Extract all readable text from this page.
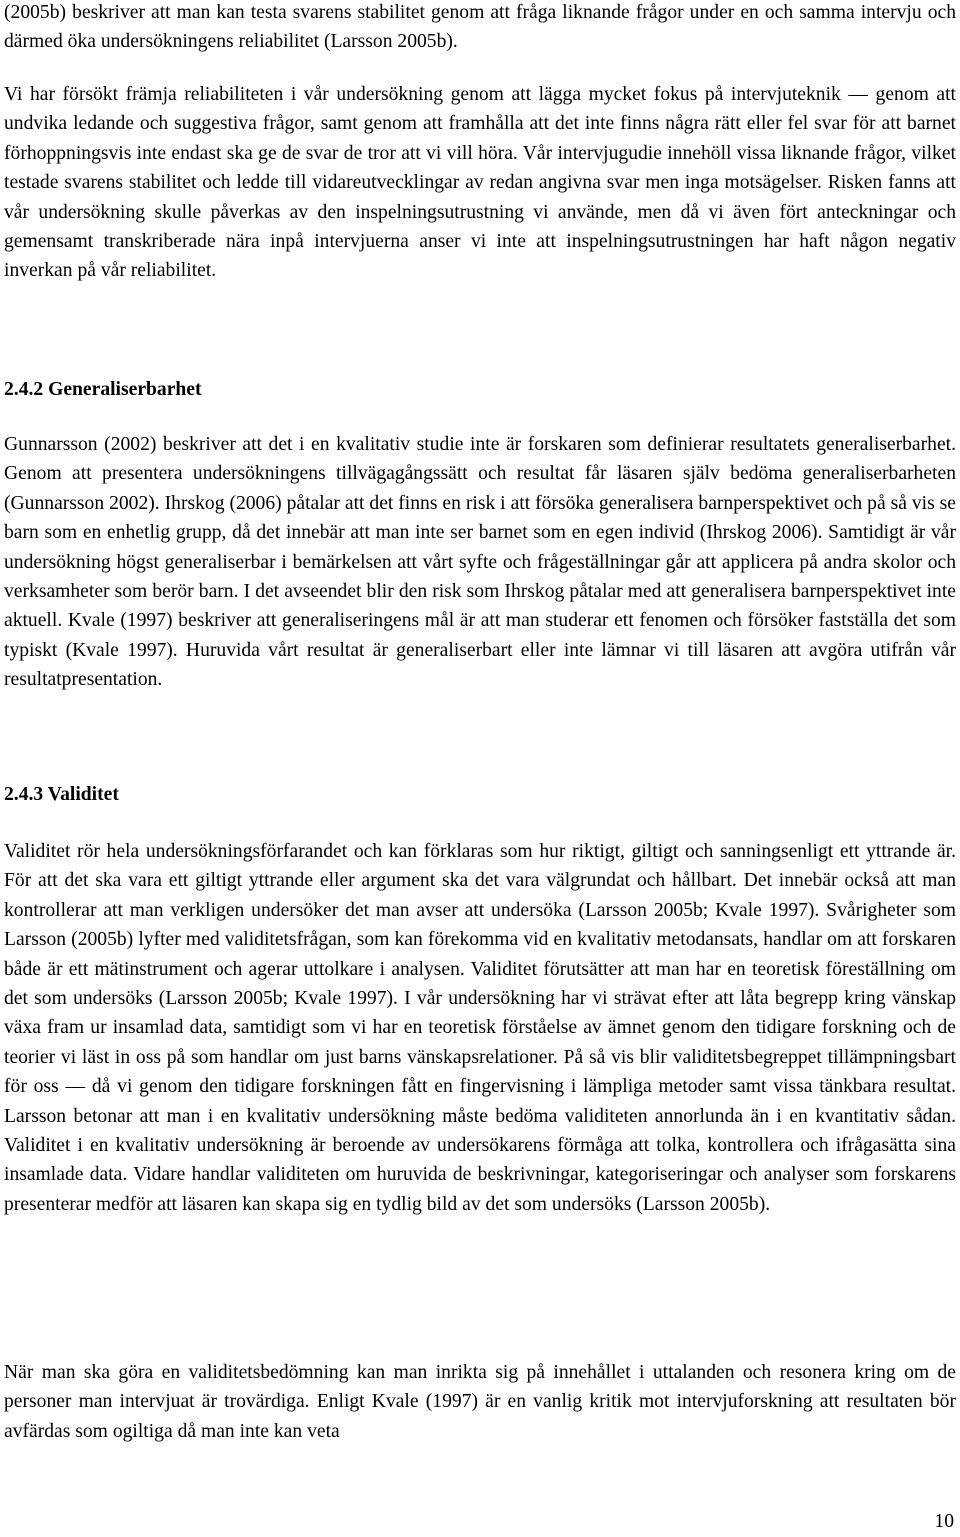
(2005b) beskriver att man kan testa svarens stabilitet genom att fråga liknande frågor under en och samma intervju och därmed öka undersökningens reliabilitet (Larsson 2005b).

Vi har försökt främja reliabiliteten i vår undersökning genom att lägga mycket fokus på intervjuteknik — genom att undvika ledande och suggestiva frågor, samt genom att framhålla att det inte finns några rätt eller fel svar för att barnet förhoppningsvis inte endast ska ge de svar de tror att vi vill höra. Vår intervjugudie innehöll vissa liknande frågor, vilket testade svarens stabilitet och ledde till vidareutvecklingar av redan angivna svar men inga motsägelser. Risken fanns att vår undersökning skulle påverkas av den inspelningsutrustning vi använde, men då vi även fört anteckningar och gemensamt transkriberade nära inpå intervjuerna anser vi inte att inspelningsutrustningen har haft någon negativ inverkan på vår reliabilitet.

2.4.2 Generaliserbarhet

Gunnarsson (2002) beskriver att det i en kvalitativ studie inte är forskaren som definierar resultatets generaliserbarhet. Genom att presentera undersökningens tillvägagångssätt och resultat får läsaren själv bedöma generaliserbarheten (Gunnarsson 2002). Ihrskog (2006) påtalar att det finns en risk i att försöka generalisera barnperspektivet och på så vis se barn som en enhetlig grupp, då det innebär att man inte ser barnet som en egen individ (Ihrskog 2006). Samtidigt är vår undersökning högst generaliserbar i bemärkelsen att vårt syfte och frågeställningar går att applicera på andra skolor och verksamheter som berör barn. I det avseendet blir den risk som Ihrskog påtalar med att generalisera barnperspektivet inte aktuell. Kvale (1997) beskriver att generaliseringens mål är att man studerar ett fenomen och försöker fastställa det som typiskt (Kvale 1997). Huruvida vårt resultat är generaliserbart eller inte lämnar vi till läsaren att avgöra utifrån vår resultatpresentation.

2.4.3 Validitet

Validitet rör hela undersökningsförfarandet och kan förklaras som hur riktigt, giltigt och sanningsenligt ett yttrande är. För att det ska vara ett giltigt yttrande eller argument ska det vara välgrundat och hållbart. Det innebär också att man kontrollerar att man verkligen undersöker det man avser att undersöka (Larsson 2005b; Kvale 1997). Svårigheter som Larsson (2005b) lyfter med validitetsfrågan, som kan förekomma vid en kvalitativ metodansats, handlar om att forskaren både är ett mätinstrument och agerar uttolkare i analysen. Validitet förutsätter att man har en teoretisk föreställning om det som undersöks (Larsson 2005b; Kvale 1997). I vår undersökning har vi strävat efter att låta begrepp kring vänskap växa fram ur insamlad data, samtidigt som vi har en teoretisk förståelse av ämnet genom den tidigare forskning och de teorier vi läst in oss på som handlar om just barns vänskapsrelationer. På så vis blir validitetsbegreppet tillämpningsbart för oss — då vi genom den tidigare forskningen fått en fingervisning i lämpliga metoder samt vissa tänkbara resultat. Larsson betonar att man i en kvalitativ undersökning måste bedöma validiteten annorlunda än i en kvantitativ sådan. Validitet i en kvalitativ undersökning är beroende av undersökarens förmåga att tolka, kontrollera och ifrågasätta sina insamlade data. Vidare handlar validiteten om huruvida de beskrivningar, kategoriseringar och analyser som forskarens presenterar medför att läsaren kan skapa sig en tydlig bild av det som undersöks (Larsson 2005b).

När man ska göra en validitetsbedömning kan man inrikta sig på innehållet i uttalanden och resonera kring om de personer man intervjuat är trovärdiga. Enligt Kvale (1997) är en vanlig kritik mot intervjuforskning att resultaten bör avfärdas som ogiltiga då man inte kan veta

10
